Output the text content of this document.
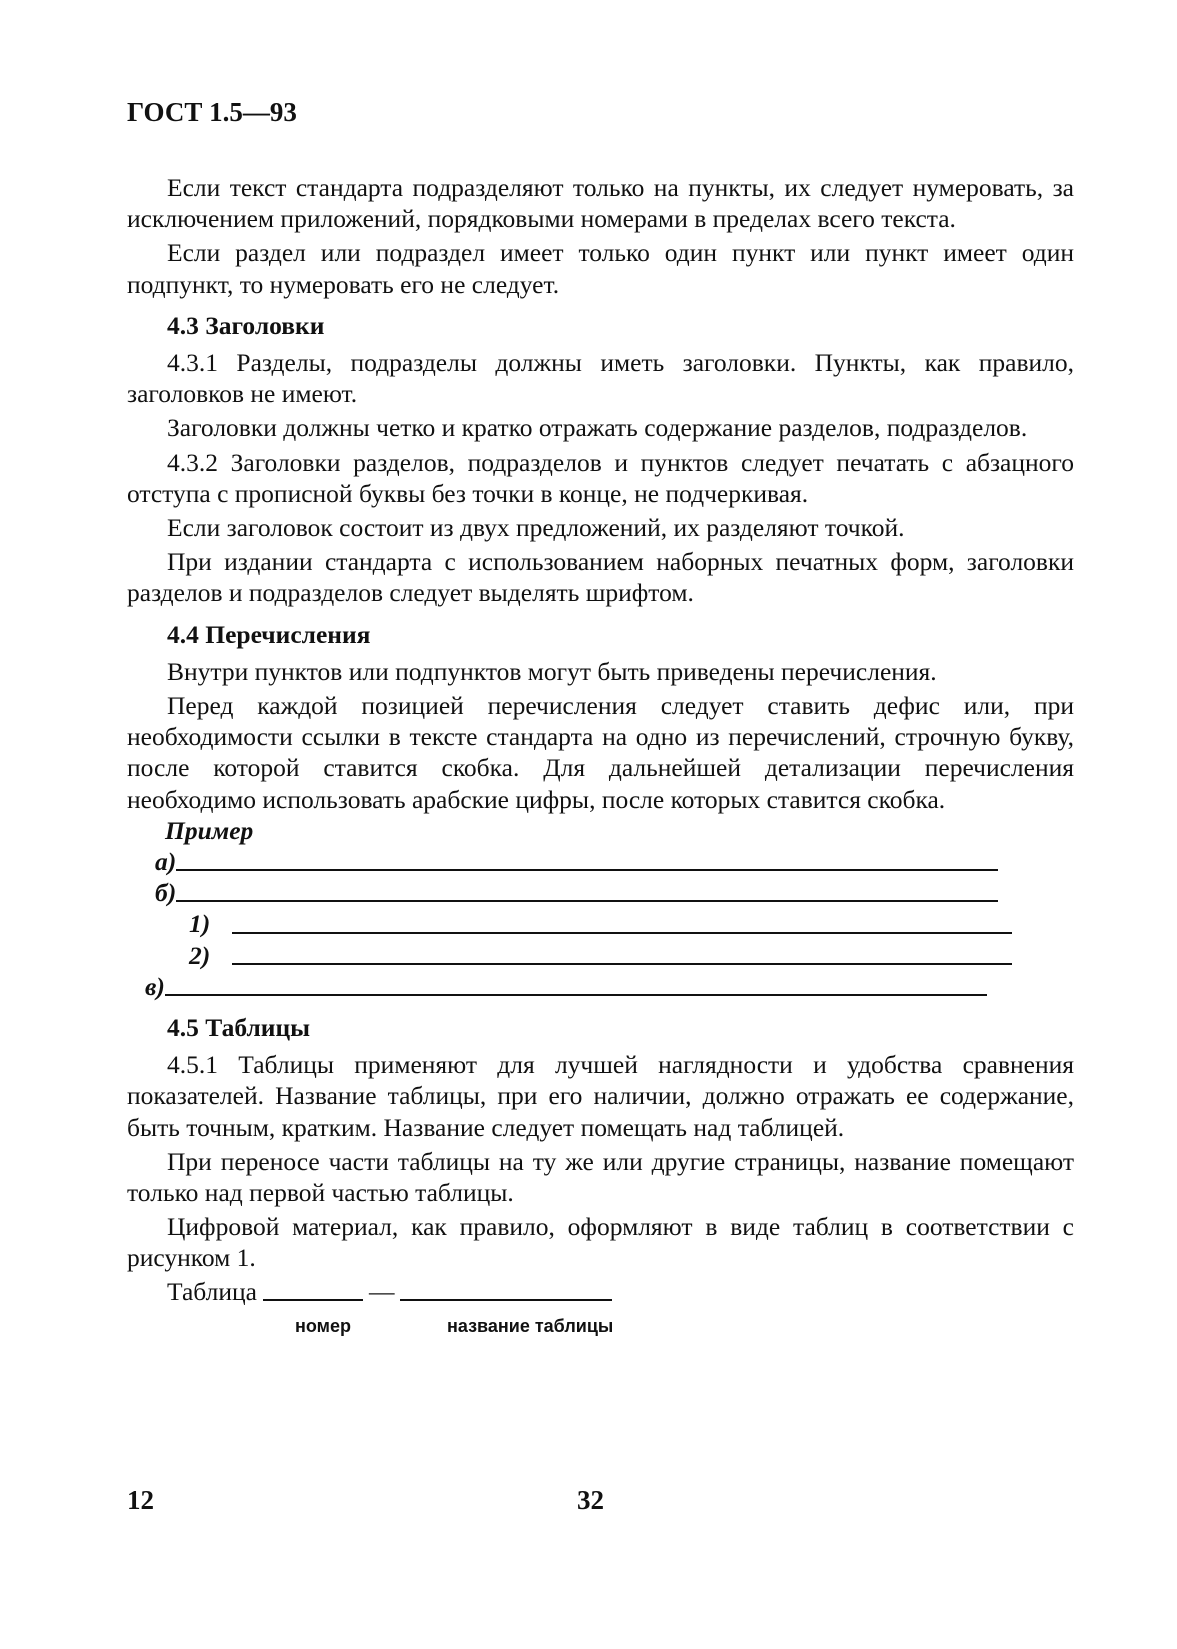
ГОСТ 1.5—93

Если текст стандарта подразделяют только на пункты, их следует нумеровать, за исключением приложений, порядковыми номерами в пределах всего текста.

Если раздел или подраздел имеет только один пункт или пункт имеет один подпункт, то нумеровать его не следует.

4.3 Заголовки

4.3.1 Разделы, подразделы должны иметь заголовки. Пункты, как правило, заголовков не имеют.

Заголовки должны четко и кратко отражать содержание разделов, подразделов.

4.3.2 Заголовки разделов, подразделов и пунктов следует печатать с абзацного отступа с прописной буквы без точки в конце, не подчеркивая.

Если заголовок состоит из двух предложений, их разделяют точкой.

При издании стандарта с использованием наборных печатных форм, заголовки разделов и подразделов следует выделять шрифтом.

4.4 Перечисления

Внутри пунктов или подпунктов могут быть приведены перечисления.

Перед каждой позицией перечисления следует ставить дефис или, при необходимости ссылки в тексте стандарта на одно из перечислений, строчную букву, после которой ставится скобка. Для дальнейшей детализации перечисления необходимо использовать арабские цифры, после которых ставится скобка.

Пример
а)
б)
1)
2)
в)
4.5 Таблицы

4.5.1 Таблицы применяют для лучшей наглядности и удобства сравнения показателей. Название таблицы, при его наличии, должно отражать ее содержание, быть точным, кратким. Название следует помещать над таблицей.

При переносе части таблицы на ту же или другие страницы, название помещают только над первой частью таблицы.

Цифровой материал, как правило, оформляют в виде таблиц в соответствии с рисунком 1.

Таблица	—
номер	название таблицы
12	32
